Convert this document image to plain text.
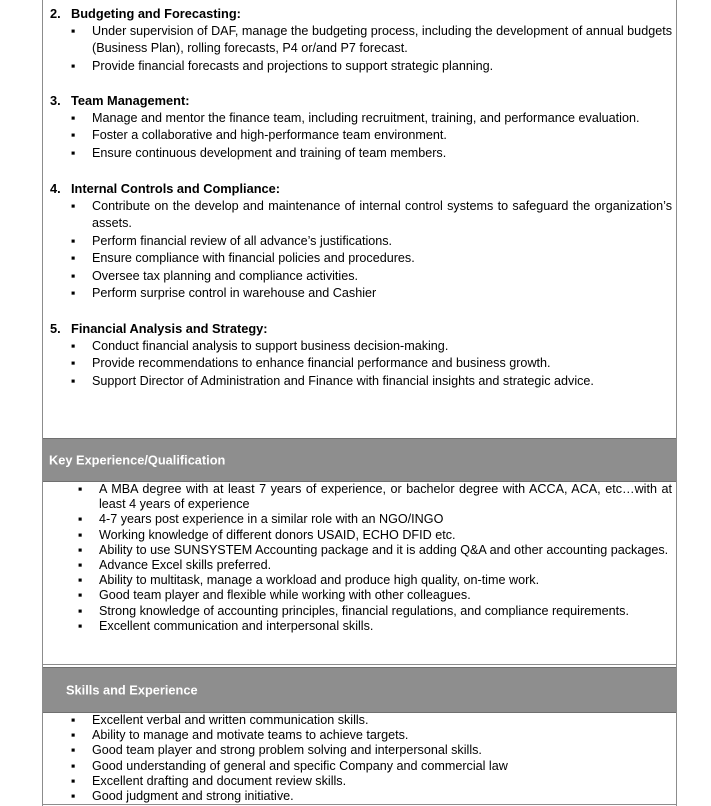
2. Budgeting and Forecasting:
▪ Under supervision of DAF, manage the budgeting process, including the development of annual budgets (Business Plan), rolling forecasts, P4 or/and P7 forecast.
▪ Provide financial forecasts and projections to support strategic planning.
3. Team Management:
▪ Manage and mentor the finance team, including recruitment, training, and performance evaluation.
▪ Foster a collaborative and high-performance team environment.
▪ Ensure continuous development and training of team members.
4. Internal Controls and Compliance:
▪ Contribute on the develop and maintenance of internal control systems to safeguard the organization’s assets.
▪ Perform financial review of all advance’s justifications.
▪ Ensure compliance with financial policies and procedures.
▪ Oversee tax planning and compliance activities.
▪ Perform surprise control in warehouse and Cashier
5. Financial Analysis and Strategy:
▪ Conduct financial analysis to support business decision-making.
▪ Provide recommendations to enhance financial performance and business growth.
▪ Support Director of Administration and Finance with financial insights and strategic advice.
Key Experience/Qualification
▪ A MBA degree with at least 7 years of experience, or bachelor degree with ACCA, ACA, etc…with at least 4 years of experience
▪ 4-7 years post experience in a similar role with an NGO/INGO
▪ Working knowledge of different donors USAID, ECHO DFID etc.
▪ Ability to use SUNSYSTEM Accounting package and it is adding Q&A and other accounting packages.
▪ Advance Excel skills preferred.
▪ Ability to multitask, manage a workload and produce high quality, on-time work.
▪ Good team player and flexible while working with other colleagues.
▪ Strong knowledge of accounting principles, financial regulations, and compliance requirements.
▪ Excellent communication and interpersonal skills.
Skills and Experience
▪ Excellent verbal and written communication skills.
▪ Ability to manage and motivate teams to achieve targets.
▪ Good team player and strong problem solving and interpersonal skills.
▪ Good understanding of general and specific Company and commercial law
▪ Excellent drafting and document review skills.
▪ Good judgment and strong initiative.
